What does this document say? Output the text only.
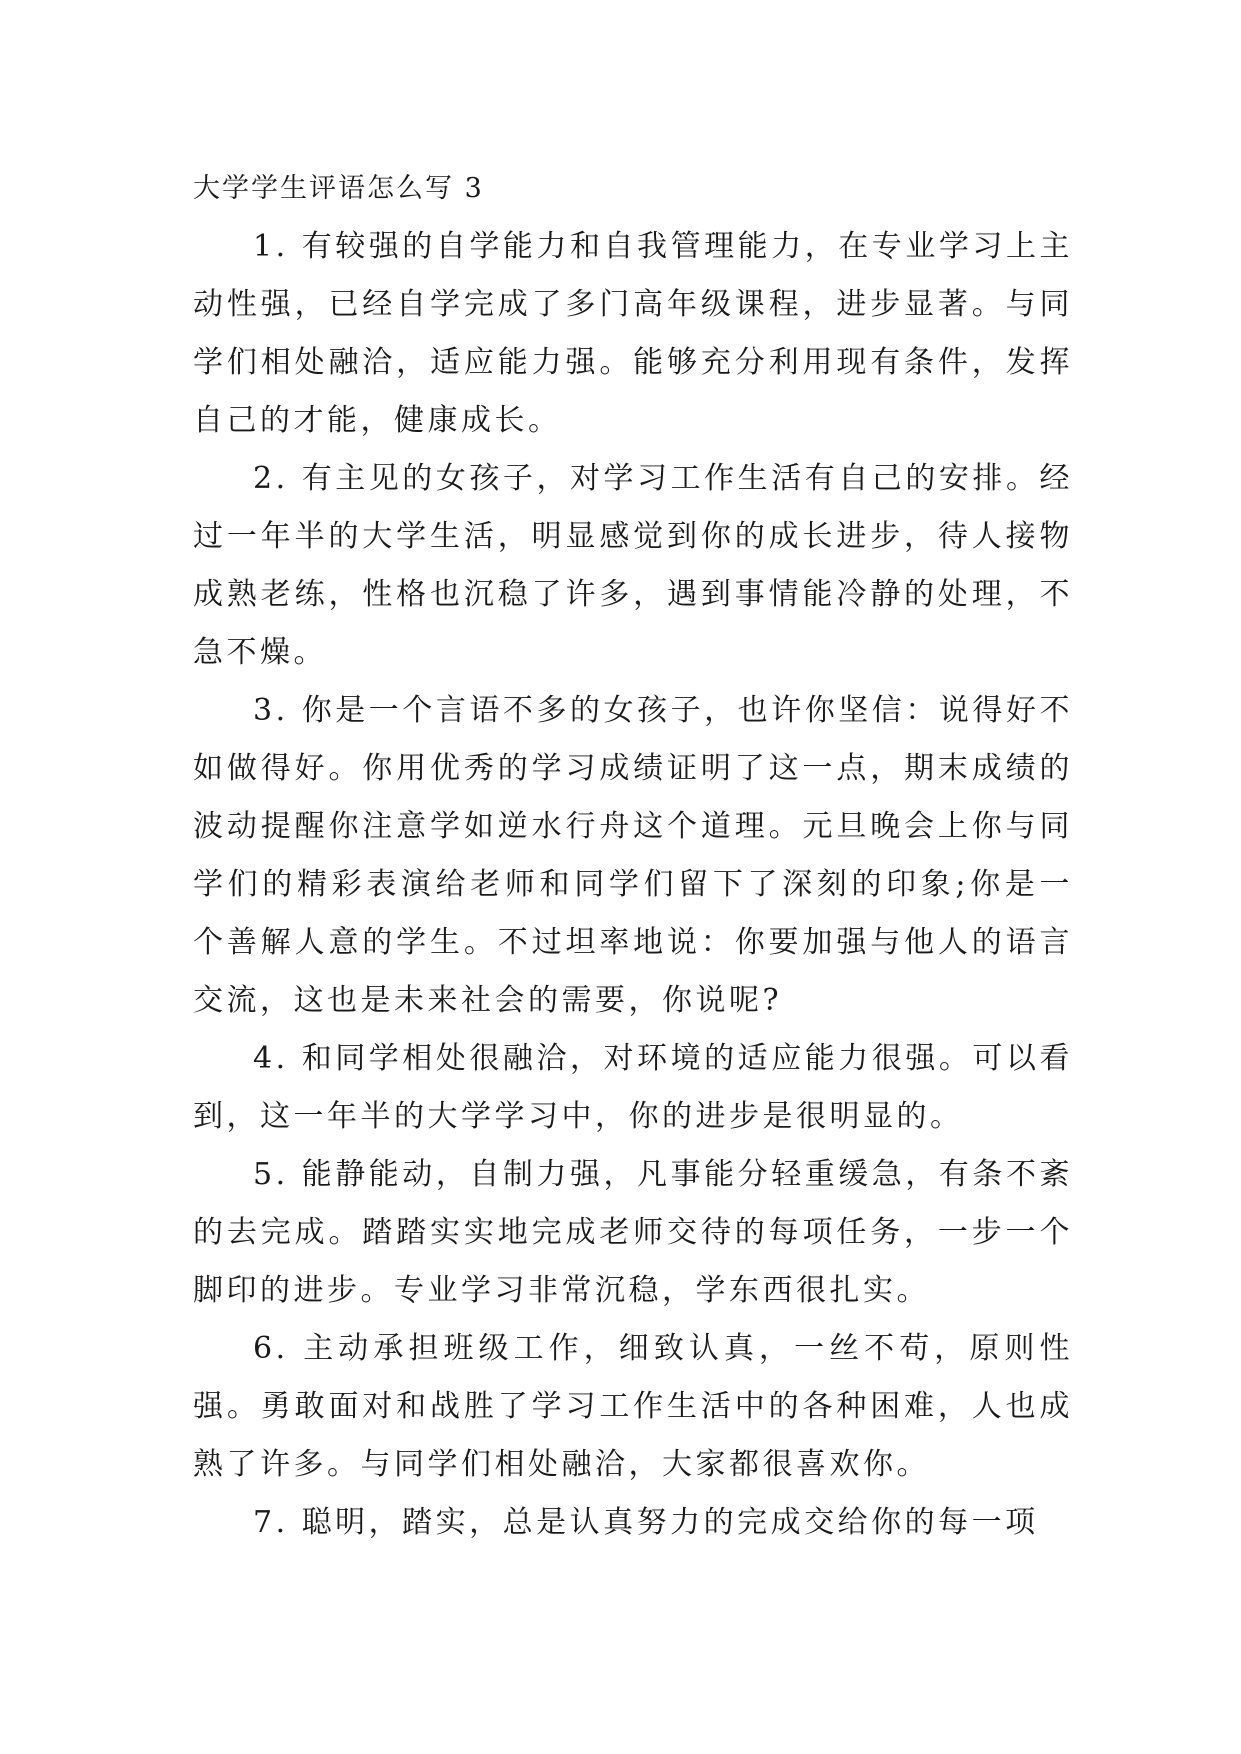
大学学生评语怎么写 3

1. 有较强的自学能力和自我管理能力，在专业学习上主动性强，已经自学完成了多门高年级课程，进步显著。与同学们相处融洽，适应能力强。能够充分利用现有条件，发挥自己的才能，健康成长。

2. 有主见的女孩子，对学习工作生活有自己的安排。经过一年半的大学生活，明显感觉到你的成长进步，待人接物成熟老练，性格也沉稳了许多，遇到事情能冷静的处理，不急不燥。

3. 你是一个言语不多的女孩子，也许你坚信：说得好不如做得好。你用优秀的学习成绩证明了这一点，期末成绩的波动提醒你注意学如逆水行舟这个道理。元旦晚会上你与同学们的精彩表演给老师和同学们留下了深刻的印象;你是一个善解人意的学生。不过坦率地说：你要加强与他人的语言交流，这也是未来社会的需要，你说呢?

4. 和同学相处很融洽，对环境的适应能力很强。可以看到，这一年半的大学学习中，你的进步是很明显的。

5. 能静能动，自制力强，凡事能分轻重缓急，有条不紊的去完成。踏踏实实地完成老师交待的每项任务，一步一个脚印的进步。专业学习非常沉稳，学东西很扎实。

6. 主动承担班级工作，细致认真，一丝不苟，原则性强。勇敢面对和战胜了学习工作生活中的各种困难，人也成熟了许多。与同学们相处融洽，大家都很喜欢你。

7. 聪明，踏实，总是认真努力的完成交给你的每一项
